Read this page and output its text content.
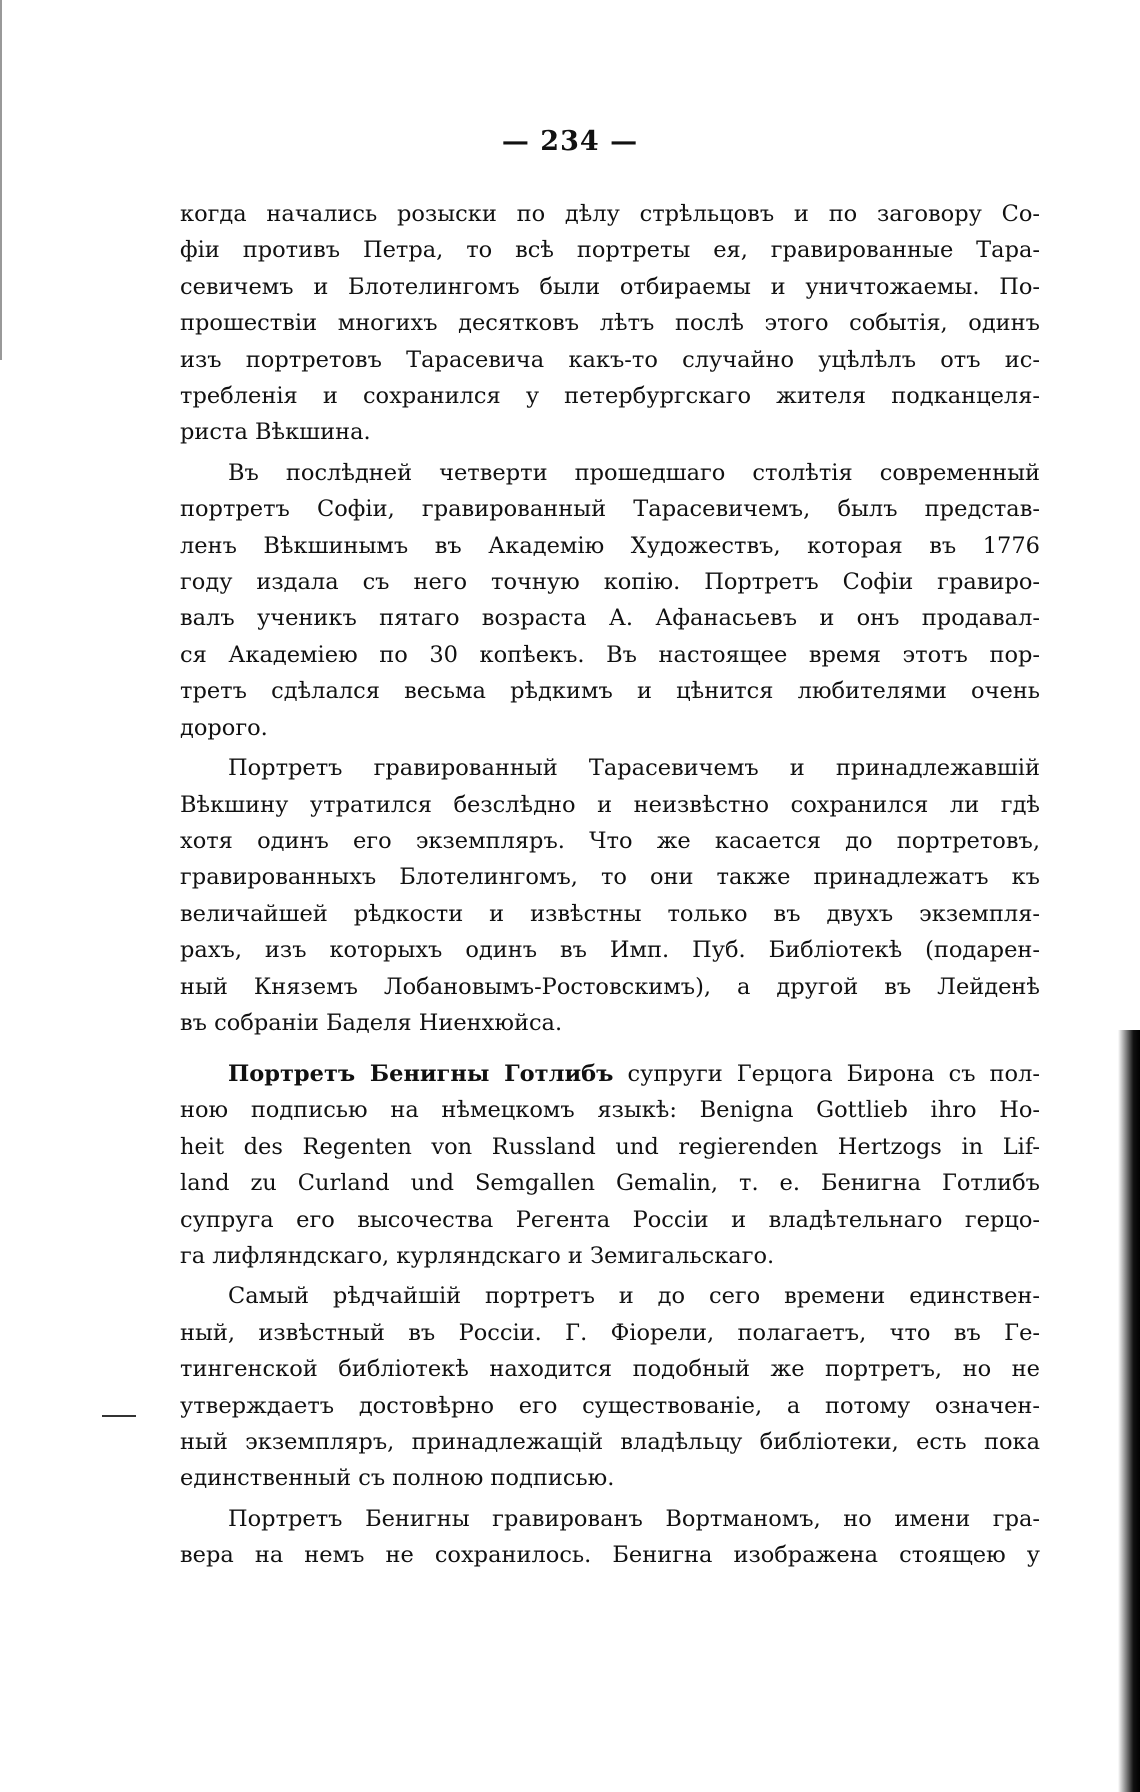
— 234 —
когда начались розыски по дѣлу стрѣльцовъ и по заговору Со-
фіи противъ Петра, то всѣ портреты ея, гравированные Тара-
севичемъ и Блотелингомъ были отбираемы и уничтожаемы. По-
прошествіи многихъ десятковъ лѣтъ послѣ этого событія, одинъ
изъ портретовъ Тарасевича какъ-то случайно уцѣлѣлъ отъ ис-
требленія и сохранился у петербургскаго жителя подканцеля-
риста Вѣкшина.
Въ послѣдней четверти прошедшаго столѣтія современный
портретъ Софіи, гравированный Тарасевичемъ, былъ представ-
ленъ Вѣкшинымъ въ Академію Художествъ, которая въ 1776
году издала съ него точную копію. Портретъ Софіи гравиро-
валъ ученикъ пятаго возраста А. Афанасьевъ и онъ продавал-
ся Академіею по 30 копѣекъ. Въ настоящее время этотъ пор-
третъ сдѣлался весьма рѣдкимъ и цѣнится любителями очень
дорого.
Портретъ гравированный Тарасевичемъ и принадлежавшій
Вѣкшину утратился безслѣдно и неизвѣстно сохранился ли гдѣ
хотя одинъ его экземпляръ. Что же касается до портретовъ,
гравированныхъ Блотелингомъ, то они также принадлежатъ къ
величайшей рѣдкости и извѣстны только въ двухъ экземпля-
рахъ, изъ которыхъ одинъ въ Имп. Пуб. Библіотекѣ (подарен-
ный Княземъ Лобановымъ-Ростовскимъ), а другой въ Лейденѣ
въ собраніи Баделя Ниенхюйса.
Портретъ Бенигны Готлибъ супруги Герцога Бирона съ пол-
ною подписью на нѣмецкомъ языкѣ: Benigna Gottlieb ihro Ho-
heit des Regenten von Russland und regierenden Hertzogs in Lif-
land zu Curland und Semgallen Gemalin, т. е. Бенигна Готлибъ
супруга его высочества Регента Россіи и владѣтельнаго герцо-
га лифляндскаго, курляндскаго и Земигальскаго.
Самый рѣдчайшій портретъ и до сего времени единствен-
ный, извѣстный въ Россіи. Г. Фіорели, полагаетъ, что въ Ге-
тингенской библіотекѣ находится подобный же портретъ, но не
утверждаетъ достовѣрно его существованіе, а потому означен-
ный экземпляръ, принадлежащій владѣльцу библіотеки, есть пока
единственный съ полною подписью.
Портретъ Бенигны гравированъ Вортманомъ, но имени гра-
вера на немъ не сохранилось. Бенигна изображена стоящею у
